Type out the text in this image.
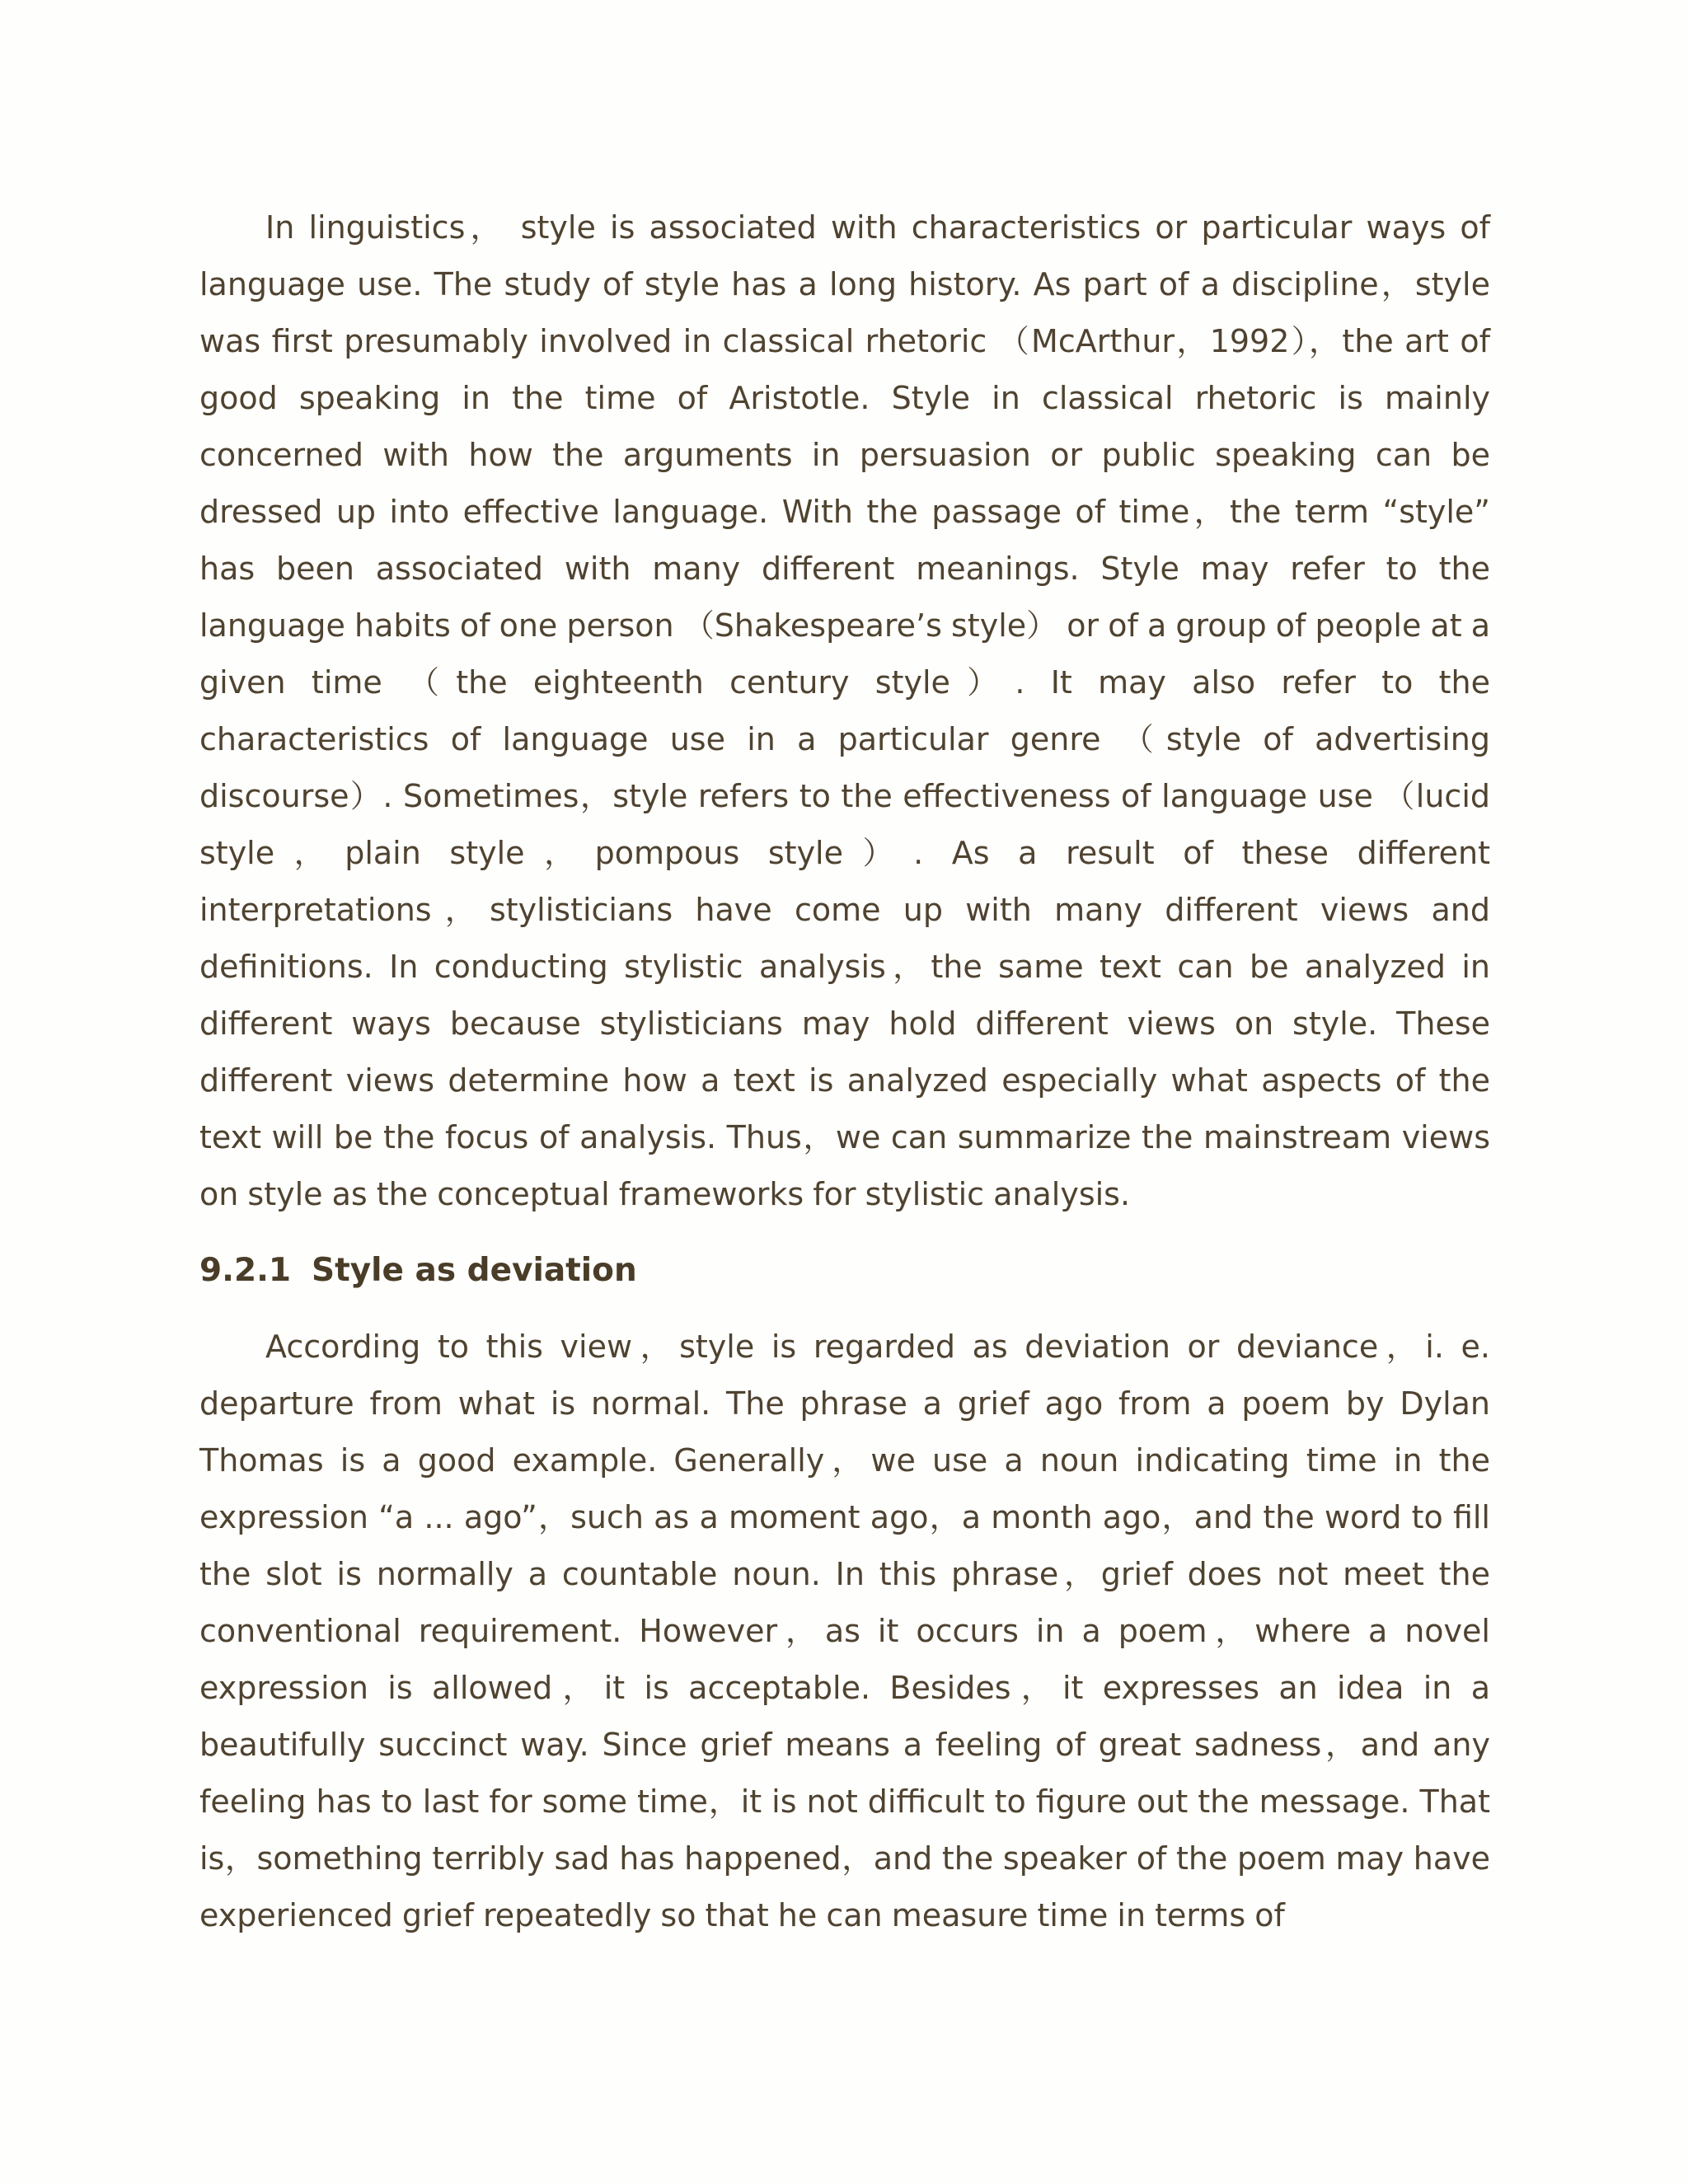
In linguistics， style is associated with characteristics or particular ways of language use. The study of style has a long history. As part of a discipline，style was first presumably involved in classical rhetoric （McArthur，1992），the art of good speaking in the time of Aristotle. Style in classical rhetoric is mainly concerned with how the arguments in persuasion or public speaking can be dressed up into effective language. With the passage of time，the term “style” has been associated with many different meanings. Style may refer to the language habits of one person （Shakespeare’s style） or of a group of people at a given time （the eighteenth century style）. It may also refer to the characteristics of language use in a particular genre （style of advertising discourse）. Sometimes，style refers to the effectiveness of language use （lucid style，plain style，pompous style）. As a result of these different interpretations，stylisticians have come up with many different views and definitions. In conducting stylistic analysis，the same text can be analyzed in different ways because stylisticians may hold different views on style. These different views determine how a text is analyzed especially what aspects of the text will be the focus of analysis. Thus，we can summarize the mainstream views on style as the conceptual frameworks for stylistic analysis.

9.2.1 Style as deviation

According to this view，style is regarded as deviation or deviance，i. e. departure from what is normal. The phrase a grief ago from a poem by Dylan Thomas is a good example. Generally，we use a noun indicating time in the expression “a ... ago”，such as a moment ago，a month ago，and the word to fill the slot is normally a countable noun. In this phrase，grief does not meet the conventional requirement. However，as it occurs in a poem，where a novel expression is allowed，it is acceptable. Besides，it expresses an idea in a beautifully succinct way. Since grief means a feeling of great sadness，and any feeling has to last for some time，it is not difficult to figure out the message. That is，something terribly sad has happened，and the speaker of the poem may have experienced grief repeatedly so that he can measure time in terms of
